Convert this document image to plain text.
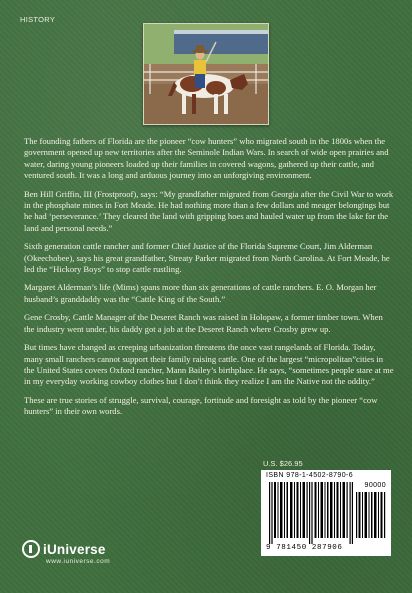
HISTORY

The founding fathers of Florida are the pioneer “cow hunters” who migrated south in the 1800s when the government opened up new territories after the Seminole Indian Wars. In search of wide open prairies and water, daring young pioneers loaded up their families in covered wagons, gathered up their cattle, and ventured south. It was a long and arduous journey into an unforgiving environment.

Ben Hill Griffin, III (Frostproof), says: “My grandfather migrated from Georgia after the Civil War to work in the phosphate mines in Fort Meade. He had nothing more than a few dollars and meager belongings but he had ‘perseverance.’ They cleared the land with gripping hoes and hauled water up from the lake for the land and personal needs.”

Sixth generation cattle rancher and former Chief Justice of the Florida Supreme Court, Jim Alderman (Okeechobee), says his great grandfather, Streaty Parker migrated from North Carolina. At Fort Meade, he led the “Hickory Boys” to stop cattle rustling.

Margaret Alderman’s life (Mims) spans more than six generations of cattle ranchers. E. O. Morgan her husband’s granddaddy was the “Cattle King of the South.”

Gene Crosby, Cattle Manager of the Deseret Ranch was raised in Holopaw, a former timber town. When the industry went under, his daddy got a job at the Deseret Ranch where Crosby grew up.

But times have changed as creeping urbanization threatens the once vast rangelands of Florida. Today, many small ranchers cannot support their family raising cattle. One of the largest “micropolitan”cities in the United States covers Oxford rancher, Mann Bailey’s birthplace. He says, “sometimes people stare at me in my everyday working cowboy clothes but I don’t think they realize I am the Native not the oddity.”

These are true stories of struggle, survival, courage, fortitude and foresight as told by the pioneer “cow hunters” in their own words.

U.S. $26.95
ISBN 978-1-4502-8790-6
90000
9 781450 287906
iUniverse
www.iuniverse.com
